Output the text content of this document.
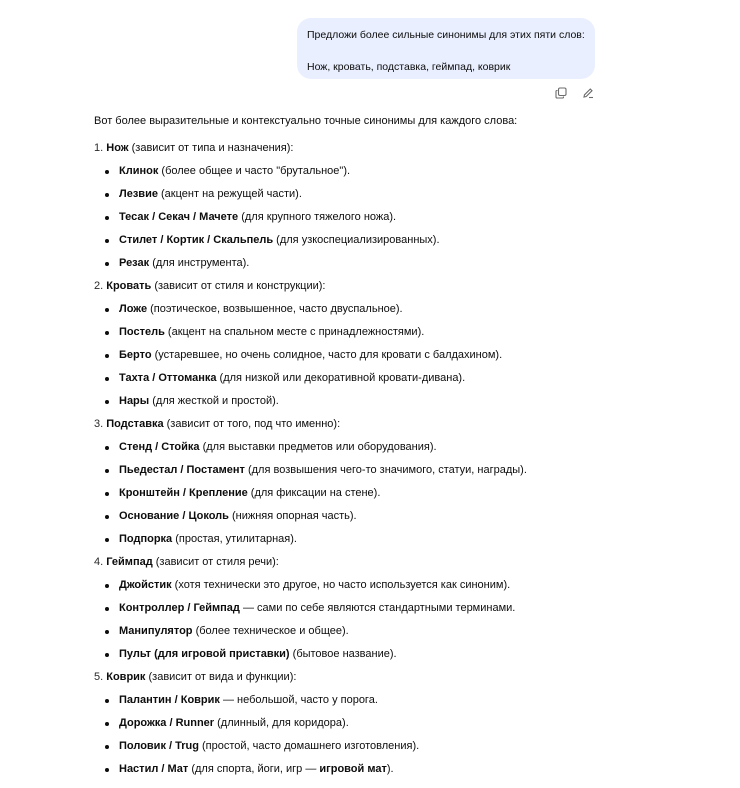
Предложи более сильные синонимы для этих пяти слов:
Нож, кровать, подставка, геймпад, коврик
Вот более выразительные и контекстуально точные синонимы для каждого слова:
1. Нож (зависит от типа и назначения):
Клинок (более общее и часто "брутальное").
Лезвие (акцент на режущей части).
Тесак / Секач / Мачете (для крупного тяжелого ножа).
Стилет / Кортик / Скальпель (для узкоспециализированных).
Резак (для инструмента).
2. Кровать (зависит от стиля и конструкции):
Ложе (поэтическое, возвышенное, часто двуспальное).
Постель (акцент на спальном месте с принадлежностями).
Берто (устаревшее, но очень солидное, часто для кровати с балдахином).
Тахта / Оттоманка (для низкой или декоративной кровати-дивана).
Нары (для жесткой и простой).
3. Подставка (зависит от того, под что именно):
Стенд / Стойка (для выставки предметов или оборудования).
Пьедестал / Постамент (для возвышения чего-то значимого, статуи, награды).
Кронштейн / Крепление (для фиксации на стене).
Основание / Цоколь (нижняя опорная часть).
Подпорка (простая, утилитарная).
4. Геймпад (зависит от стиля речи):
Джойстик (хотя технически это другое, но часто используется как синоним).
Контроллер / Геймпад — сами по себе являются стандартными терминами.
Манипулятор (более техническое и общее).
Пульт (для игровой приставки) (бытовое название).
5. Коврик (зависит от вида и функции):
Палантин / Коврик — небольшой, часто у порога.
Дорожка / Runner (длинный, для коридора).
Половик / Trug (простой, часто домашнего изготовления).
Настил / Мат (для спорта, йоги, игр — игровой мат).
